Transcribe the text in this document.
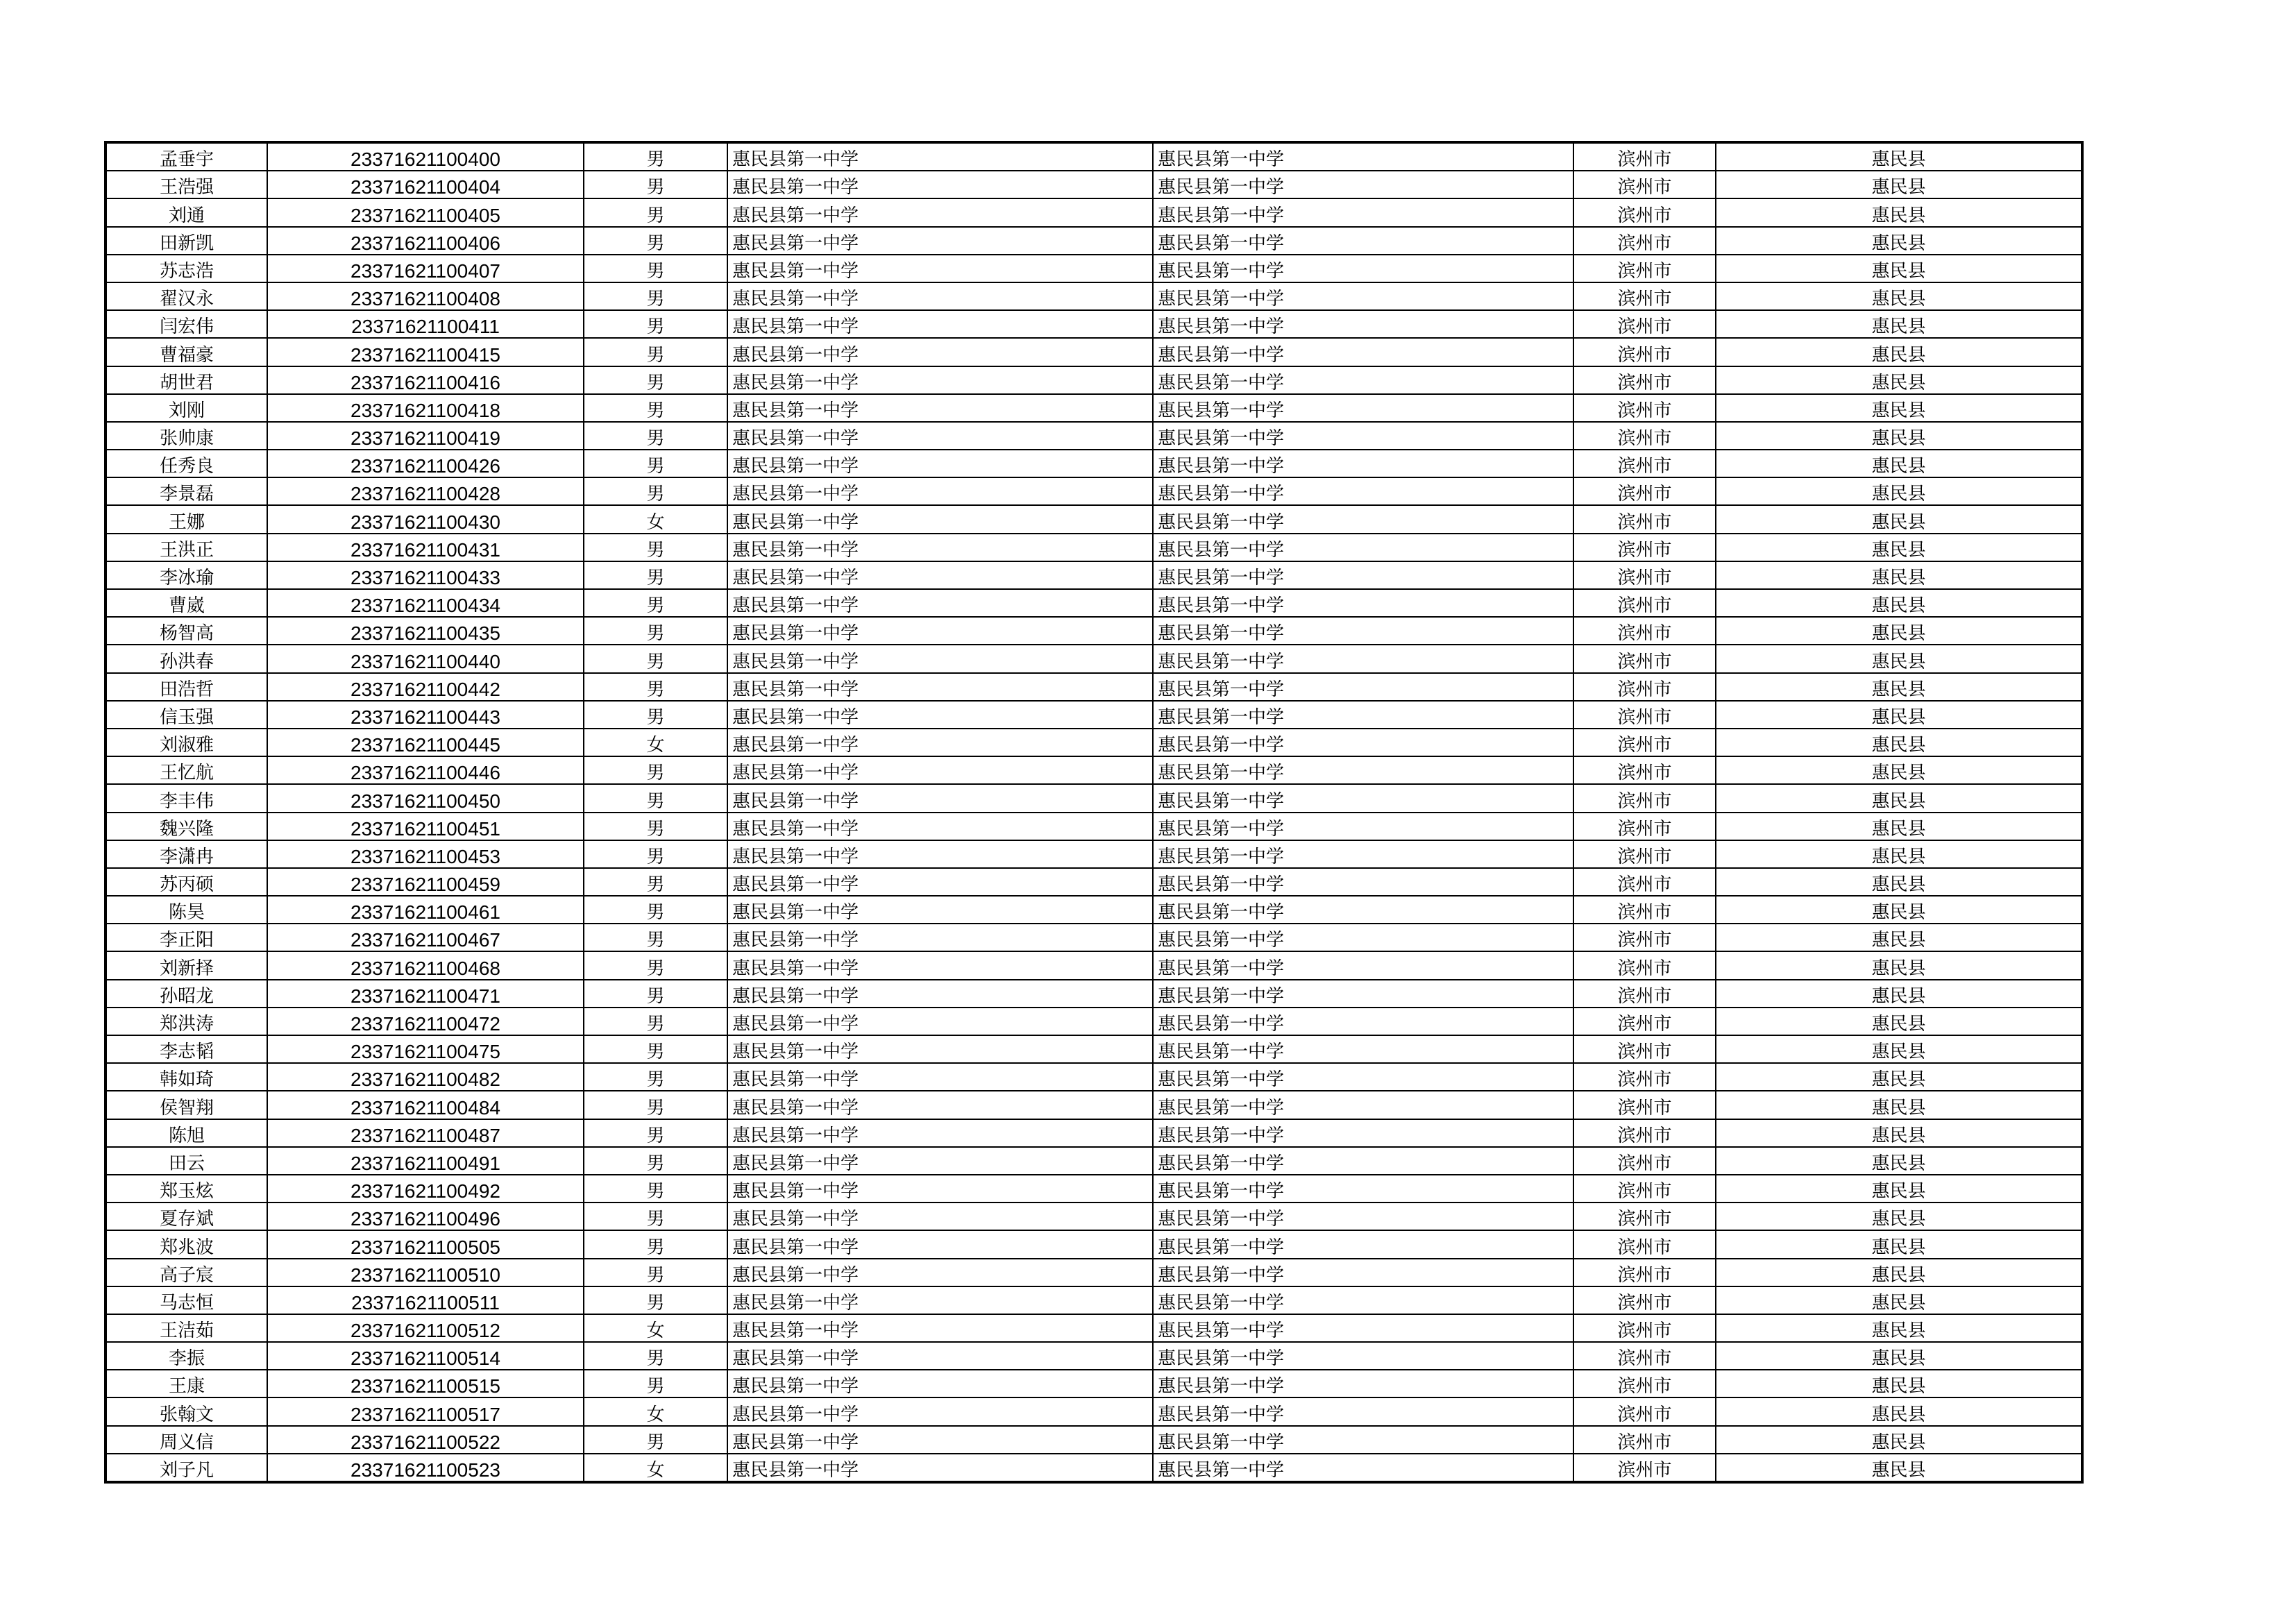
孟垂宇	23371621100400	男	惠民县第一中学	惠民县第一中学	滨州市	惠民县
王浩强	23371621100404	男	惠民县第一中学	惠民县第一中学	滨州市	惠民县
刘通	23371621100405	男	惠民县第一中学	惠民县第一中学	滨州市	惠民县
田新凯	23371621100406	男	惠民县第一中学	惠民县第一中学	滨州市	惠民县
苏志浩	23371621100407	男	惠民县第一中学	惠民县第一中学	滨州市	惠民县
翟汉永	23371621100408	男	惠民县第一中学	惠民县第一中学	滨州市	惠民县
闫宏伟	23371621100411	男	惠民县第一中学	惠民县第一中学	滨州市	惠民县
曹福豪	23371621100415	男	惠民县第一中学	惠民县第一中学	滨州市	惠民县
胡世君	23371621100416	男	惠民县第一中学	惠民县第一中学	滨州市	惠民县
刘刚	23371621100418	男	惠民县第一中学	惠民县第一中学	滨州市	惠民县
张帅康	23371621100419	男	惠民县第一中学	惠民县第一中学	滨州市	惠民县
任秀良	23371621100426	男	惠民县第一中学	惠民县第一中学	滨州市	惠民县
李景磊	23371621100428	男	惠民县第一中学	惠民县第一中学	滨州市	惠民县
王娜	23371621100430	女	惠民县第一中学	惠民县第一中学	滨州市	惠民县
王洪正	23371621100431	男	惠民县第一中学	惠民县第一中学	滨州市	惠民县
李冰瑜	23371621100433	男	惠民县第一中学	惠民县第一中学	滨州市	惠民县
曹崴	23371621100434	男	惠民县第一中学	惠民县第一中学	滨州市	惠民县
杨智高	23371621100435	男	惠民县第一中学	惠民县第一中学	滨州市	惠民县
孙洪春	23371621100440	男	惠民县第一中学	惠民县第一中学	滨州市	惠民县
田浩哲	23371621100442	男	惠民县第一中学	惠民县第一中学	滨州市	惠民县
信玉强	23371621100443	男	惠民县第一中学	惠民县第一中学	滨州市	惠民县
刘淑雅	23371621100445	女	惠民县第一中学	惠民县第一中学	滨州市	惠民县
王忆航	23371621100446	男	惠民县第一中学	惠民县第一中学	滨州市	惠民县
李丰伟	23371621100450	男	惠民县第一中学	惠民县第一中学	滨州市	惠民县
魏兴隆	23371621100451	男	惠民县第一中学	惠民县第一中学	滨州市	惠民县
李潇冉	23371621100453	男	惠民县第一中学	惠民县第一中学	滨州市	惠民县
苏丙硕	23371621100459	男	惠民县第一中学	惠民县第一中学	滨州市	惠民县
陈昊	23371621100461	男	惠民县第一中学	惠民县第一中学	滨州市	惠民县
李正阳	23371621100467	男	惠民县第一中学	惠民县第一中学	滨州市	惠民县
刘新择	23371621100468	男	惠民县第一中学	惠民县第一中学	滨州市	惠民县
孙昭龙	23371621100471	男	惠民县第一中学	惠民县第一中学	滨州市	惠民县
郑洪涛	23371621100472	男	惠民县第一中学	惠民县第一中学	滨州市	惠民县
李志韬	23371621100475	男	惠民县第一中学	惠民县第一中学	滨州市	惠民县
韩如琦	23371621100482	男	惠民县第一中学	惠民县第一中学	滨州市	惠民县
侯智翔	23371621100484	男	惠民县第一中学	惠民县第一中学	滨州市	惠民县
陈旭	23371621100487	男	惠民县第一中学	惠民县第一中学	滨州市	惠民县
田云	23371621100491	男	惠民县第一中学	惠民县第一中学	滨州市	惠民县
郑玉炫	23371621100492	男	惠民县第一中学	惠民县第一中学	滨州市	惠民县
夏存斌	23371621100496	男	惠民县第一中学	惠民县第一中学	滨州市	惠民县
郑兆波	23371621100505	男	惠民县第一中学	惠民县第一中学	滨州市	惠民县
高子宸	23371621100510	男	惠民县第一中学	惠民县第一中学	滨州市	惠民县
马志恒	23371621100511	男	惠民县第一中学	惠民县第一中学	滨州市	惠民县
王洁茹	23371621100512	女	惠民县第一中学	惠民县第一中学	滨州市	惠民县
李振	23371621100514	男	惠民县第一中学	惠民县第一中学	滨州市	惠民县
王康	23371621100515	男	惠民县第一中学	惠民县第一中学	滨州市	惠民县
张翰文	23371621100517	女	惠民县第一中学	惠民县第一中学	滨州市	惠民县
周义信	23371621100522	男	惠民县第一中学	惠民县第一中学	滨州市	惠民县
刘子凡	23371621100523	女	惠民县第一中学	惠民县第一中学	滨州市	惠民县
